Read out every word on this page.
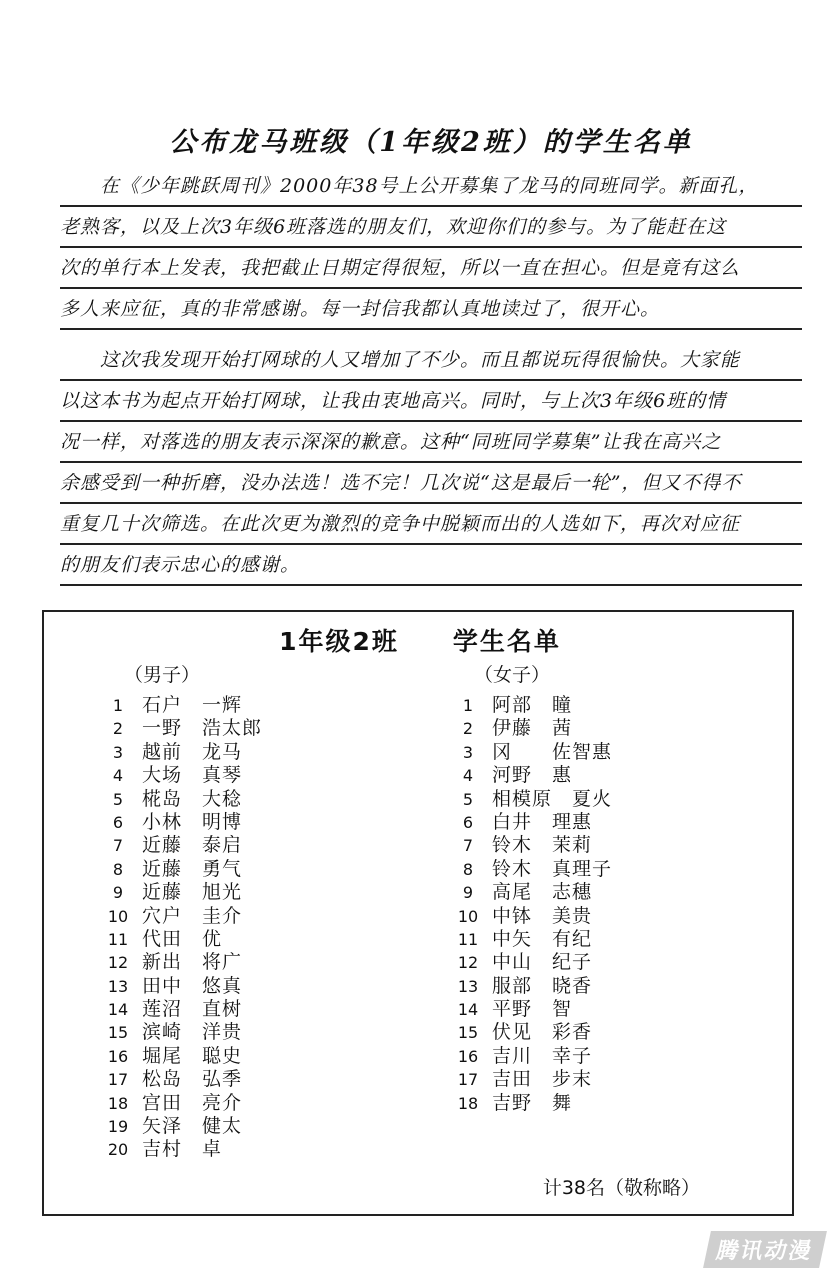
公布龙马班级（1年级2班）的学生名单
　　在《少年跳跃周刊》2000年38号上公开募集了龙马的同班同学。新面孔，
老熟客，以及上次3年级6班落选的朋友们，欢迎你们的参与。为了能赶在这
次的单行本上发表，我把截止日期定得很短，所以一直在担心。但是竟有这么
多人来应征，真的非常感谢。每一封信我都认真地读过了，很开心。
　　这次我发现开始打网球的人又增加了不少。而且都说玩得很愉快。大家能
以这本书为起点开始打网球，让我由衷地高兴。同时，与上次3年级6班的情
况一样，对落选的朋友表示深深的歉意。这种“同班同学募集”让我在高兴之
余感受到一种折磨，没办法选！选不完！几次说“这是最后一轮”，但又不得不
重复几十次筛选。在此次更为激烈的竞争中脱颖而出的人选如下，再次对应征
的朋友们表示忠心的感谢。
1年级2班　　学生名单
（男子）	（女子）
1 石户　一辉
2 一野　浩太郎
3 越前　龙马
4 大场　真琴
5 椛岛　大稔
6 小林　明博
7 近藤　泰启
8 近藤　勇气
9 近藤　旭光
10 穴户　圭介
11 代田　优
12 新出　将广
13 田中　悠真
14 莲沼　直树
15 滨崎　洋贵
16 堀尾　聪史
17 松岛　弘季
18 宫田　亮介
19 矢泽　健太
20 吉村　卓
1 阿部　瞳
2 伊藤　茜
3 冈　　佐智惠
4 河野　惠
5 相模原　夏火
6 白井　理惠
7 铃木　茉莉
8 铃木　真理子
9 高尾　志穗
10 中钵　美贵
11 中矢　有纪
12 中山　纪子
13 服部　晓香
14 平野　智
15 伏见　彩香
16 吉川　幸子
17 吉田　步末
18 吉野　舞
计38名（敬称略）
腾讯动漫
